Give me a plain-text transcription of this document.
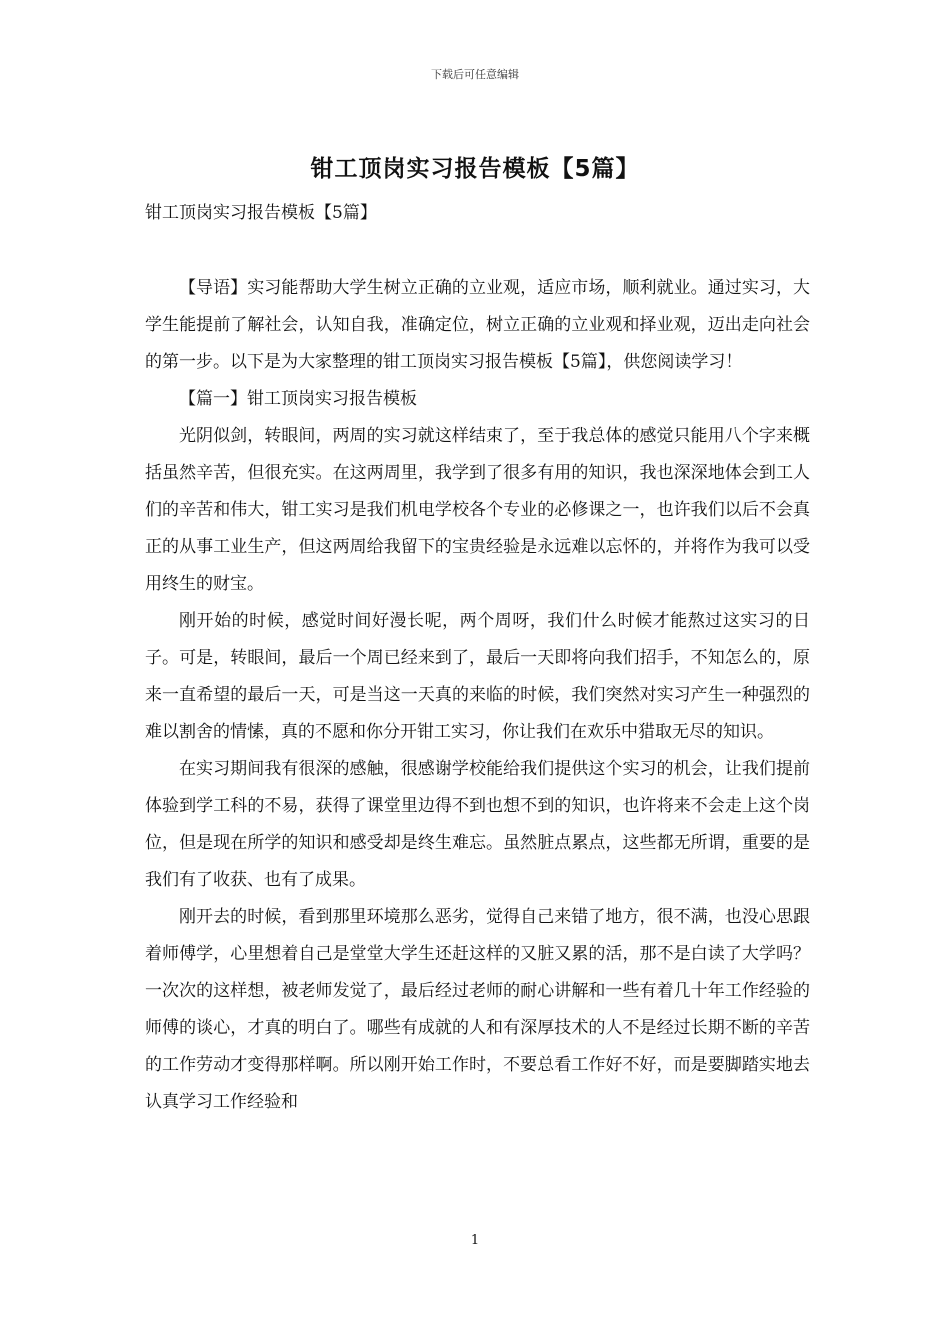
下载后可任意编辑
钳工顶岗实习报告模板【5篇】
钳工顶岗实习报告模板【5篇】

【导语】实习能帮助大学生树立正确的立业观，适应市场，顺利就业。通过实习，大学生能提前了解社会，认知自我，准确定位，树立正确的立业观和择业观，迈出走向社会的第一步。以下是为大家整理的钳工顶岗实习报告模板【5篇】，供您阅读学习！

【篇一】钳工顶岗实习报告模板

光阴似剑，转眼间，两周的实习就这样结束了，至于我总体的感觉只能用八个字来概括虽然辛苦，但很充实。在这两周里，我学到了很多有用的知识，我也深深地体会到工人们的辛苦和伟大，钳工实习是我们机电学校各个专业的必修课之一，也许我们以后不会真正的从事工业生产，但这两周给我留下的宝贵经验是永远难以忘怀的，并将作为我可以受用终生的财宝。

刚开始的时候，感觉时间好漫长呢，两个周呀，我们什么时候才能熬过这实习的日子。可是，转眼间，最后一个周已经来到了，最后一天即将向我们招手，不知怎么的，原来一直希望的最后一天，可是当这一天真的来临的时候，我们突然对实习产生一种强烈的难以割舍的情愫，真的不愿和你分开钳工实习，你让我们在欢乐中猎取无尽的知识。

在实习期间我有很深的感触，很感谢学校能给我们提供这个实习的机会，让我们提前体验到学工科的不易，获得了课堂里边得不到也想不到的知识，也许将来不会走上这个岗位，但是现在所学的知识和感受却是终生难忘。虽然脏点累点，这些都无所谓，重要的是我们有了收获、也有了成果。

刚开去的时候，看到那里环境那么恶劣，觉得自己来错了地方，很不满，也没心思跟着师傅学，心里想着自己是堂堂大学生还赶这样的又脏又累的活，那不是白读了大学吗？一次次的这样想，被老师发觉了，最后经过老师的耐心讲解和一些有着几十年工作经验的师傅的谈心，才真的明白了。哪些有成就的人和有深厚技术的人不是经过长期不断的辛苦的工作劳动才变得那样啊。所以刚开始工作时，不要总看工作好不好，而是要脚踏实地去认真学习工作经验和

1
